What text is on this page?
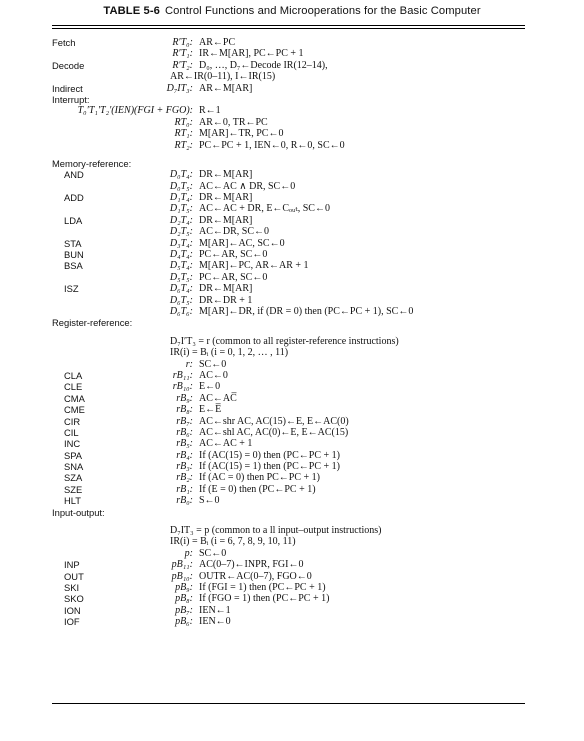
TABLE 5-6 Control Functions and Microoperations for the Basic Computer
Fetch	R′T₀: AR←PC
R′T₁: IR←M[AR], PC←PC + 1
Decode	R′T₂: D₀, …, D₇←Decode IR(12–14),
AR←IR(0–11), I←IR(15)
Indirect	D₇IT₃: AR←M[AR]
Interrupt:
T₀′T₁′T₂′(IEN)(FGI + FGO): R←1
RT₀: AR←0, TR←PC
RT₁: M[AR]←TR, PC←0
RT₂: PC←PC + 1, IEN←0, R←0, SC←0
Memory-reference:
AND	D₀T₄: DR←M[AR]
D₀T₅: AC←AC ∧ DR, SC←0
ADD	D₁T₄: DR←M[AR]
D₁T₅: AC←AC + DR, E←Cₒᵤₜ, SC←0
LDA	D₂T₄: DR←M[AR]
D₂T₅: AC←DR, SC←0
STA	D₃T₄: M[AR]←AC, SC←0
BUN	D₄T₄: PC←AR, SC←0
BSA	D₅T₄: M[AR]←PC, AR←AR + 1
D₅T₅: PC←AR, SC←0
ISZ	D₆T₄: DR←M[AR]
D₆T₅: DR←DR + 1
D₆T₆: M[AR]←DR, if (DR = 0) then (PC←PC + 1), SC←0
Register-reference:
D₇I′T₃ = r (common to all register-reference instructions)
IR(i) = Bᵢ (i = 0, 1, 2, … , 11)
r: SC←0
CLA	rB₁₁: AC←0
CLE	rB₁₀: E←0
CMA	rB₉: AC←AC̅
CME	rB₈: E←E̅
CIR	rB₇: AC←shr AC, AC(15)←E, E←AC(0)
CIL	rB₆: AC←shl AC, AC(0)←E, E←AC(15)
INC	rB₅: AC←AC + 1
SPA	rB₄: If (AC(15) = 0) then (PC←PC + 1)
SNA	rB₃: If (AC(15) = 1) then (PC←PC + 1)
SZA	rB₂: If (AC = 0) then PC←PC + 1)
SZE	rB₁: If (E = 0) then (PC←PC + 1)
HLT	rB₀: S←0
Input-output:
D₇IT₃ = p (common to a ll input–output instructions)
IR(i) = Bᵢ (i = 6, 7, 8, 9, 10, 11)
p: SC←0
INP	pB₁₁: AC(0–7)←INPR, FGI←0
OUT	pB₁₀: OUTR←AC(0–7), FGO←0
SKI	pB₉: If (FGI = 1) then (PC←PC + 1)
SKO	pB₈: If (FGO = 1) then (PC←PC + 1)
ION	pB₇: IEN←1
IOF	pB₆: IEN←0
